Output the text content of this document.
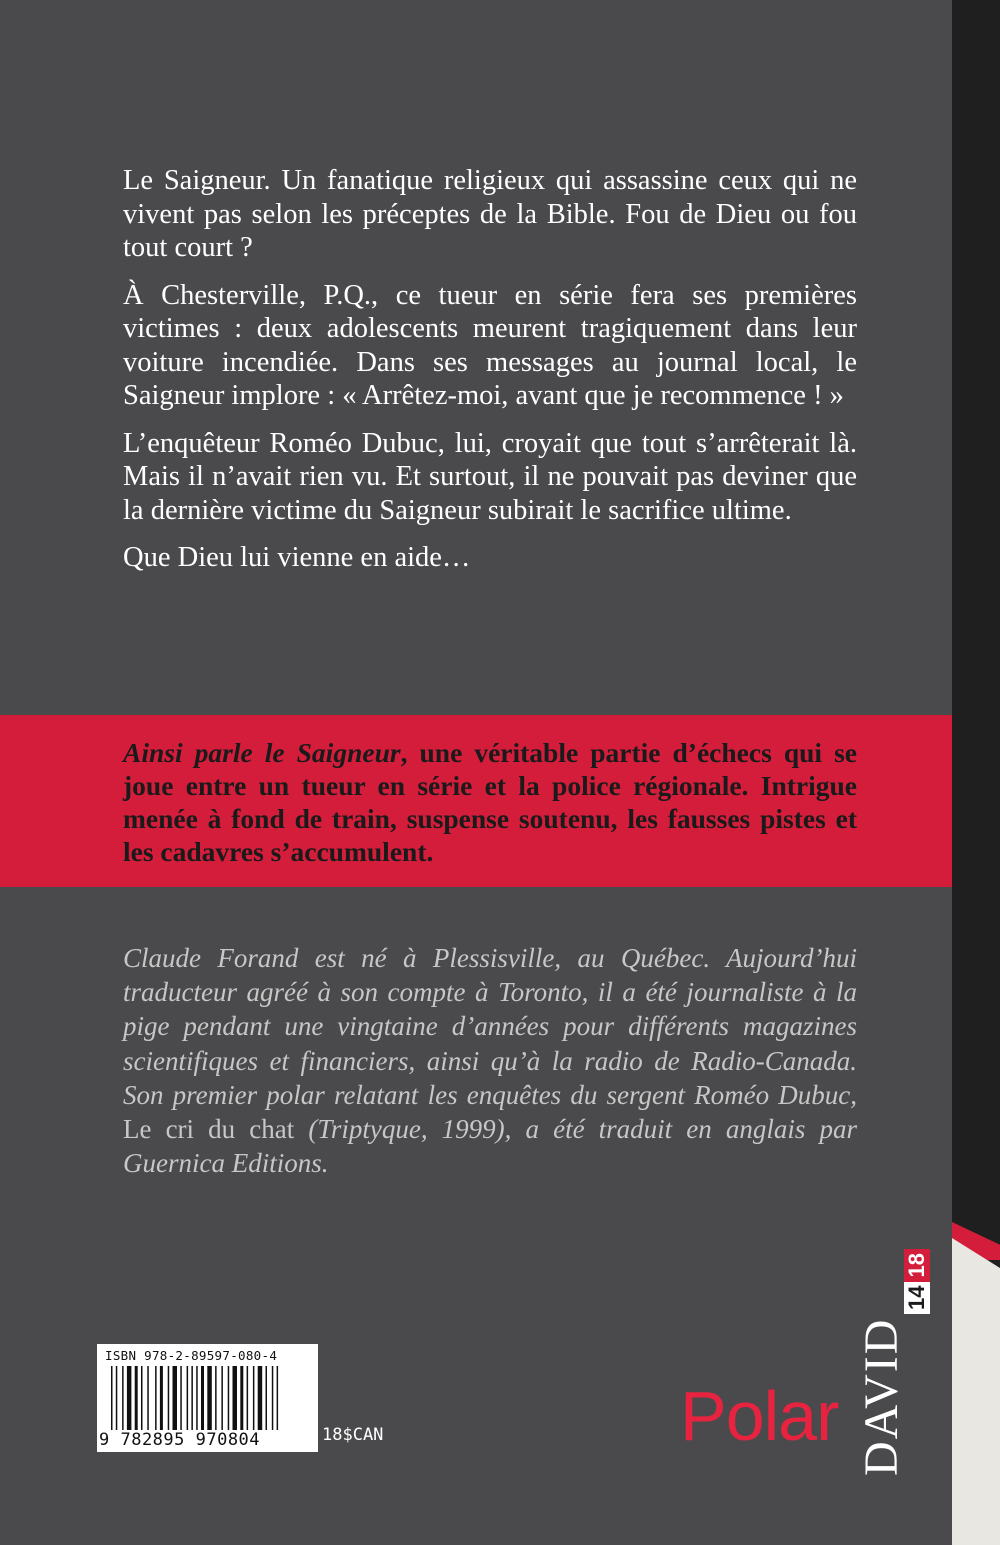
Le Saigneur. Un fanatique religieux qui assassine ceux qui ne vivent pas selon les préceptes de la Bible. Fou de Dieu ou fou tout court ?

À Chesterville, P.Q., ce tueur en série fera ses premières victimes : deux adolescents meurent tragiquement dans leur voiture incendiée. Dans ses messages au journal local, le Saigneur implore : « Arrêtez-moi, avant que je recommence ! »

L’enquêteur Roméo Dubuc, lui, croyait que tout s’arrêterait là. Mais il n’avait rien vu. Et surtout, il ne pouvait pas deviner que la dernière victime du Saigneur subirait le sacrifice ultime.

Que Dieu lui vienne en aide…

Ainsi parle le Saigneur, une véritable partie d’échecs qui se joue entre un tueur en série et la police régionale. Intrigue menée à fond de train, suspense soutenu, les fausses pistes et les cadavres s’accumulent.
Claude Forand est né à Plessisville, au Québec. Aujourd’hui traducteur agréé à son compte à Toronto, il a été journaliste à la pige pendant une vingtaine d’années pour différents magazines scientifiques et financiers, ainsi qu’à la radio de Radio-Canada. Son premier polar relatant les enquêtes du sergent Roméo Dubuc, Le cri du chat (Triptyque, 1999), a été traduit en anglais par Guernica Editions.
ISBN 978-2-89597-080-4
9 782895 970804	18$CAN	Polar DAVID
14
18
